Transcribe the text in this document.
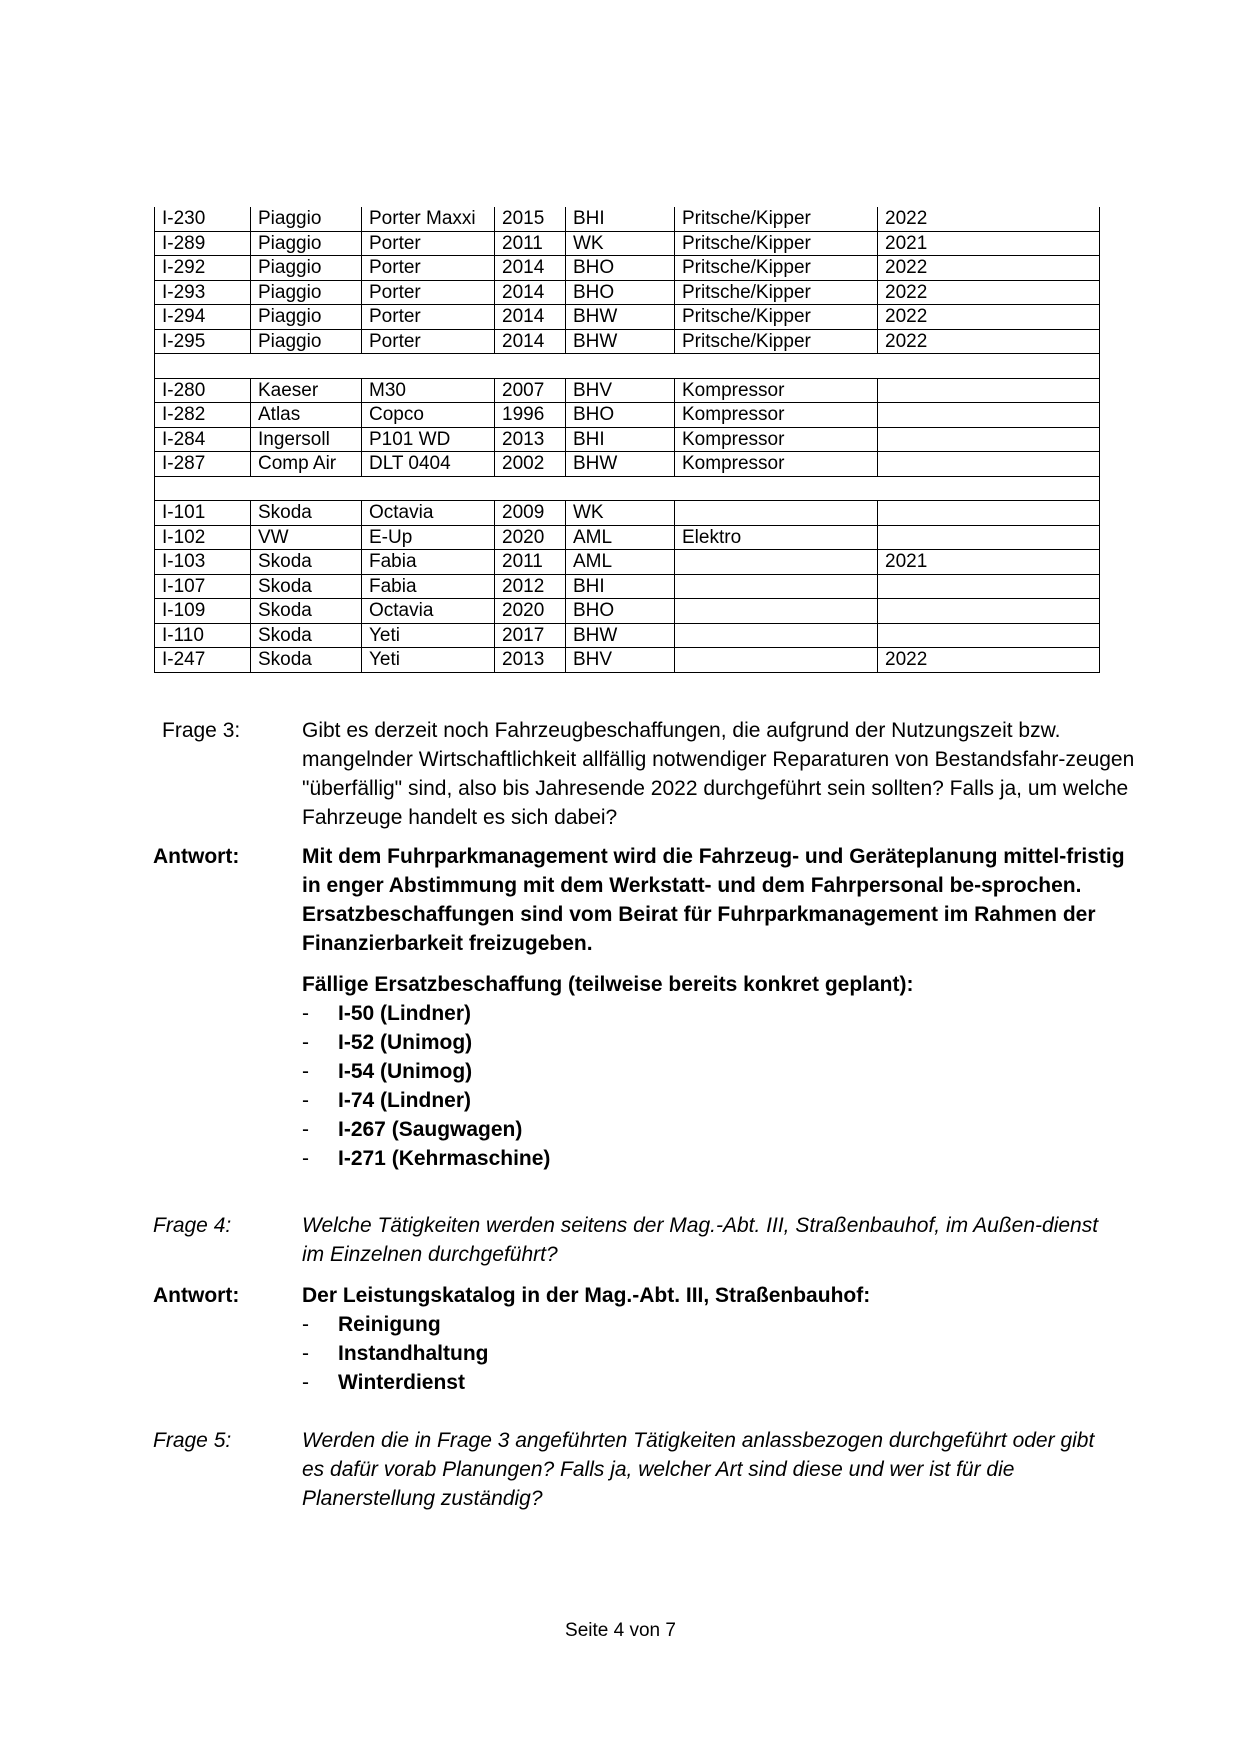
I-230	Piaggio	Porter Maxxi	2015	BHI	Pritsche/Kipper	2022
I-289	Piaggio	Porter	2011	WK	Pritsche/Kipper	2021
I-292	Piaggio	Porter	2014	BHO	Pritsche/Kipper	2022
I-293	Piaggio	Porter	2014	BHO	Pritsche/Kipper	2022
I-294	Piaggio	Porter	2014	BHW	Pritsche/Kipper	2022
I-295	Piaggio	Porter	2014	BHW	Pritsche/Kipper	2022

I-280	Kaeser	M30	2007	BHV	Kompressor	
I-282	Atlas	Copco	1996	BHO	Kompressor	
I-284	Ingersoll	P101 WD	2013	BHI	Kompressor	
I-287	Comp Air	DLT 0404	2002	BHW	Kompressor	

I-101	Skoda	Octavia	2009	WK		
I-102	VW	E-Up	2020	AML	Elektro	
I-103	Skoda	Fabia	2011	AML		2021
I-107	Skoda	Fabia	2012	BHI		
I-109	Skoda	Octavia	2020	BHO		
I-110	Skoda	Yeti	2017	BHW		
I-247	Skoda	Yeti	2013	BHV		2022
Frage 3:	Gibt es derzeit noch Fahrzeugbeschaffungen, die aufgrund der Nutzungszeit bzw. mangelnder Wirtschaftlichkeit allfällig notwendiger Reparaturen von Bestandsfahr-zeugen "überfällig" sind, also bis Jahresende 2022 durchgeführt sein sollten? Falls ja, um welche Fahrzeuge handelt es sich dabei?
Antwort:	Mit dem Fuhrparkmanagement wird die Fahrzeug- und Geräteplanung mittel-fristig in enger Abstimmung mit dem Werkstatt- und dem Fahrpersonal be-sprochen. Ersatzbeschaffungen sind vom Beirat für Fuhrparkmanagement im Rahmen der Finanzierbarkeit freizugeben.
Fällige Ersatzbeschaffung (teilweise bereits konkret geplant):
- I-50 (Lindner)
- I-52 (Unimog)
- I-54 (Unimog)
- I-74 (Lindner)
- I-267 (Saugwagen)
- I-271 (Kehrmaschine)
Frage 4:	Welche Tätigkeiten werden seitens der Mag.-Abt. III, Straßenbauhof, im Außen-dienst im Einzelnen durchgeführt?
Antwort:	Der Leistungskatalog in der Mag.-Abt. III, Straßenbauhof:
- Reinigung
- Instandhaltung
- Winterdienst
Frage 5:	Werden die in Frage 3 angeführten Tätigkeiten anlassbezogen durchgeführt oder gibt es dafür vorab Planungen? Falls ja, welcher Art sind diese und wer ist für die Planerstellung zuständig?
Seite 4 von 7
